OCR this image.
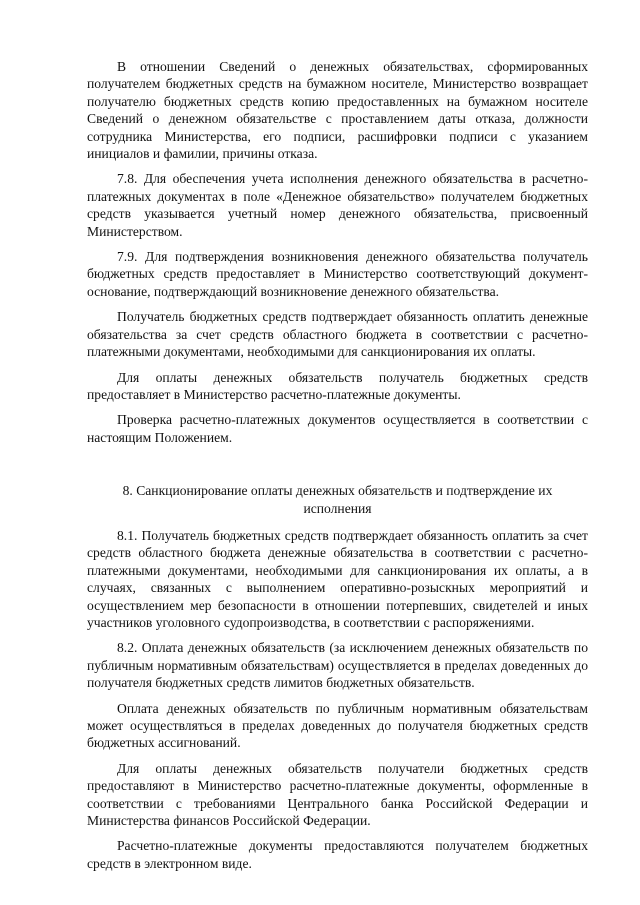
В отношении Сведений о денежных обязательствах, сформированных получателем бюджетных средств на бумажном носителе, Министерство возвращает получателю бюджетных средств копию предоставленных на бумажном носителе Сведений о денежном обязательстве с проставлением даты отказа, должности сотрудника Министерства, его подписи, расшифровки подписи с указанием инициалов и фамилии, причины отказа.

7.8. Для обеспечения учета исполнения денежного обязательства в расчетно-платежных документах в поле «Денежное обязательство» получателем бюджетных средств указывается учетный номер денежного обязательства, присвоенный Министерством.

7.9. Для подтверждения возникновения денежного обязательства получатель бюджетных средств предоставляет в Министерство соответствующий документ-основание, подтверждающий возникновение денежного обязательства.

Получатель бюджетных средств подтверждает обязанность оплатить денежные обязательства за счет средств областного бюджета в соответствии с расчетно-платежными документами, необходимыми для санкционирования их оплаты.

Для оплаты денежных обязательств получатель бюджетных средств предоставляет в Министерство расчетно-платежные документы.

Проверка расчетно-платежных документов осуществляется в соответствии с настоящим Положением.

8. Санкционирование оплаты денежных обязательств и подтверждение их исполнения

8.1. Получатель бюджетных средств подтверждает обязанность оплатить за счет средств областного бюджета денежные обязательства в соответствии с расчетно-платежными документами, необходимыми для санкционирования их оплаты, а в случаях, связанных с выполнением оперативно-розыскных мероприятий и осуществлением мер безопасности в отношении потерпевших, свидетелей и иных участников уголовного судопроизводства, в соответствии с распоряжениями.

8.2. Оплата денежных обязательств (за исключением денежных обязательств по публичным нормативным обязательствам) осуществляется в пределах доведенных до получателя бюджетных средств лимитов бюджетных обязательств.

Оплата денежных обязательств по публичным нормативным обязательствам может осуществляться в пределах доведенных до получателя бюджетных средств бюджетных ассигнований.

Для оплаты денежных обязательств получатели бюджетных средств предоставляют в Министерство расчетно-платежные документы, оформленные в соответствии с требованиями Центрального банка Российской Федерации и Министерства финансов Российской Федерации.

Расчетно-платежные документы предоставляются получателем бюджетных средств в электронном виде.
